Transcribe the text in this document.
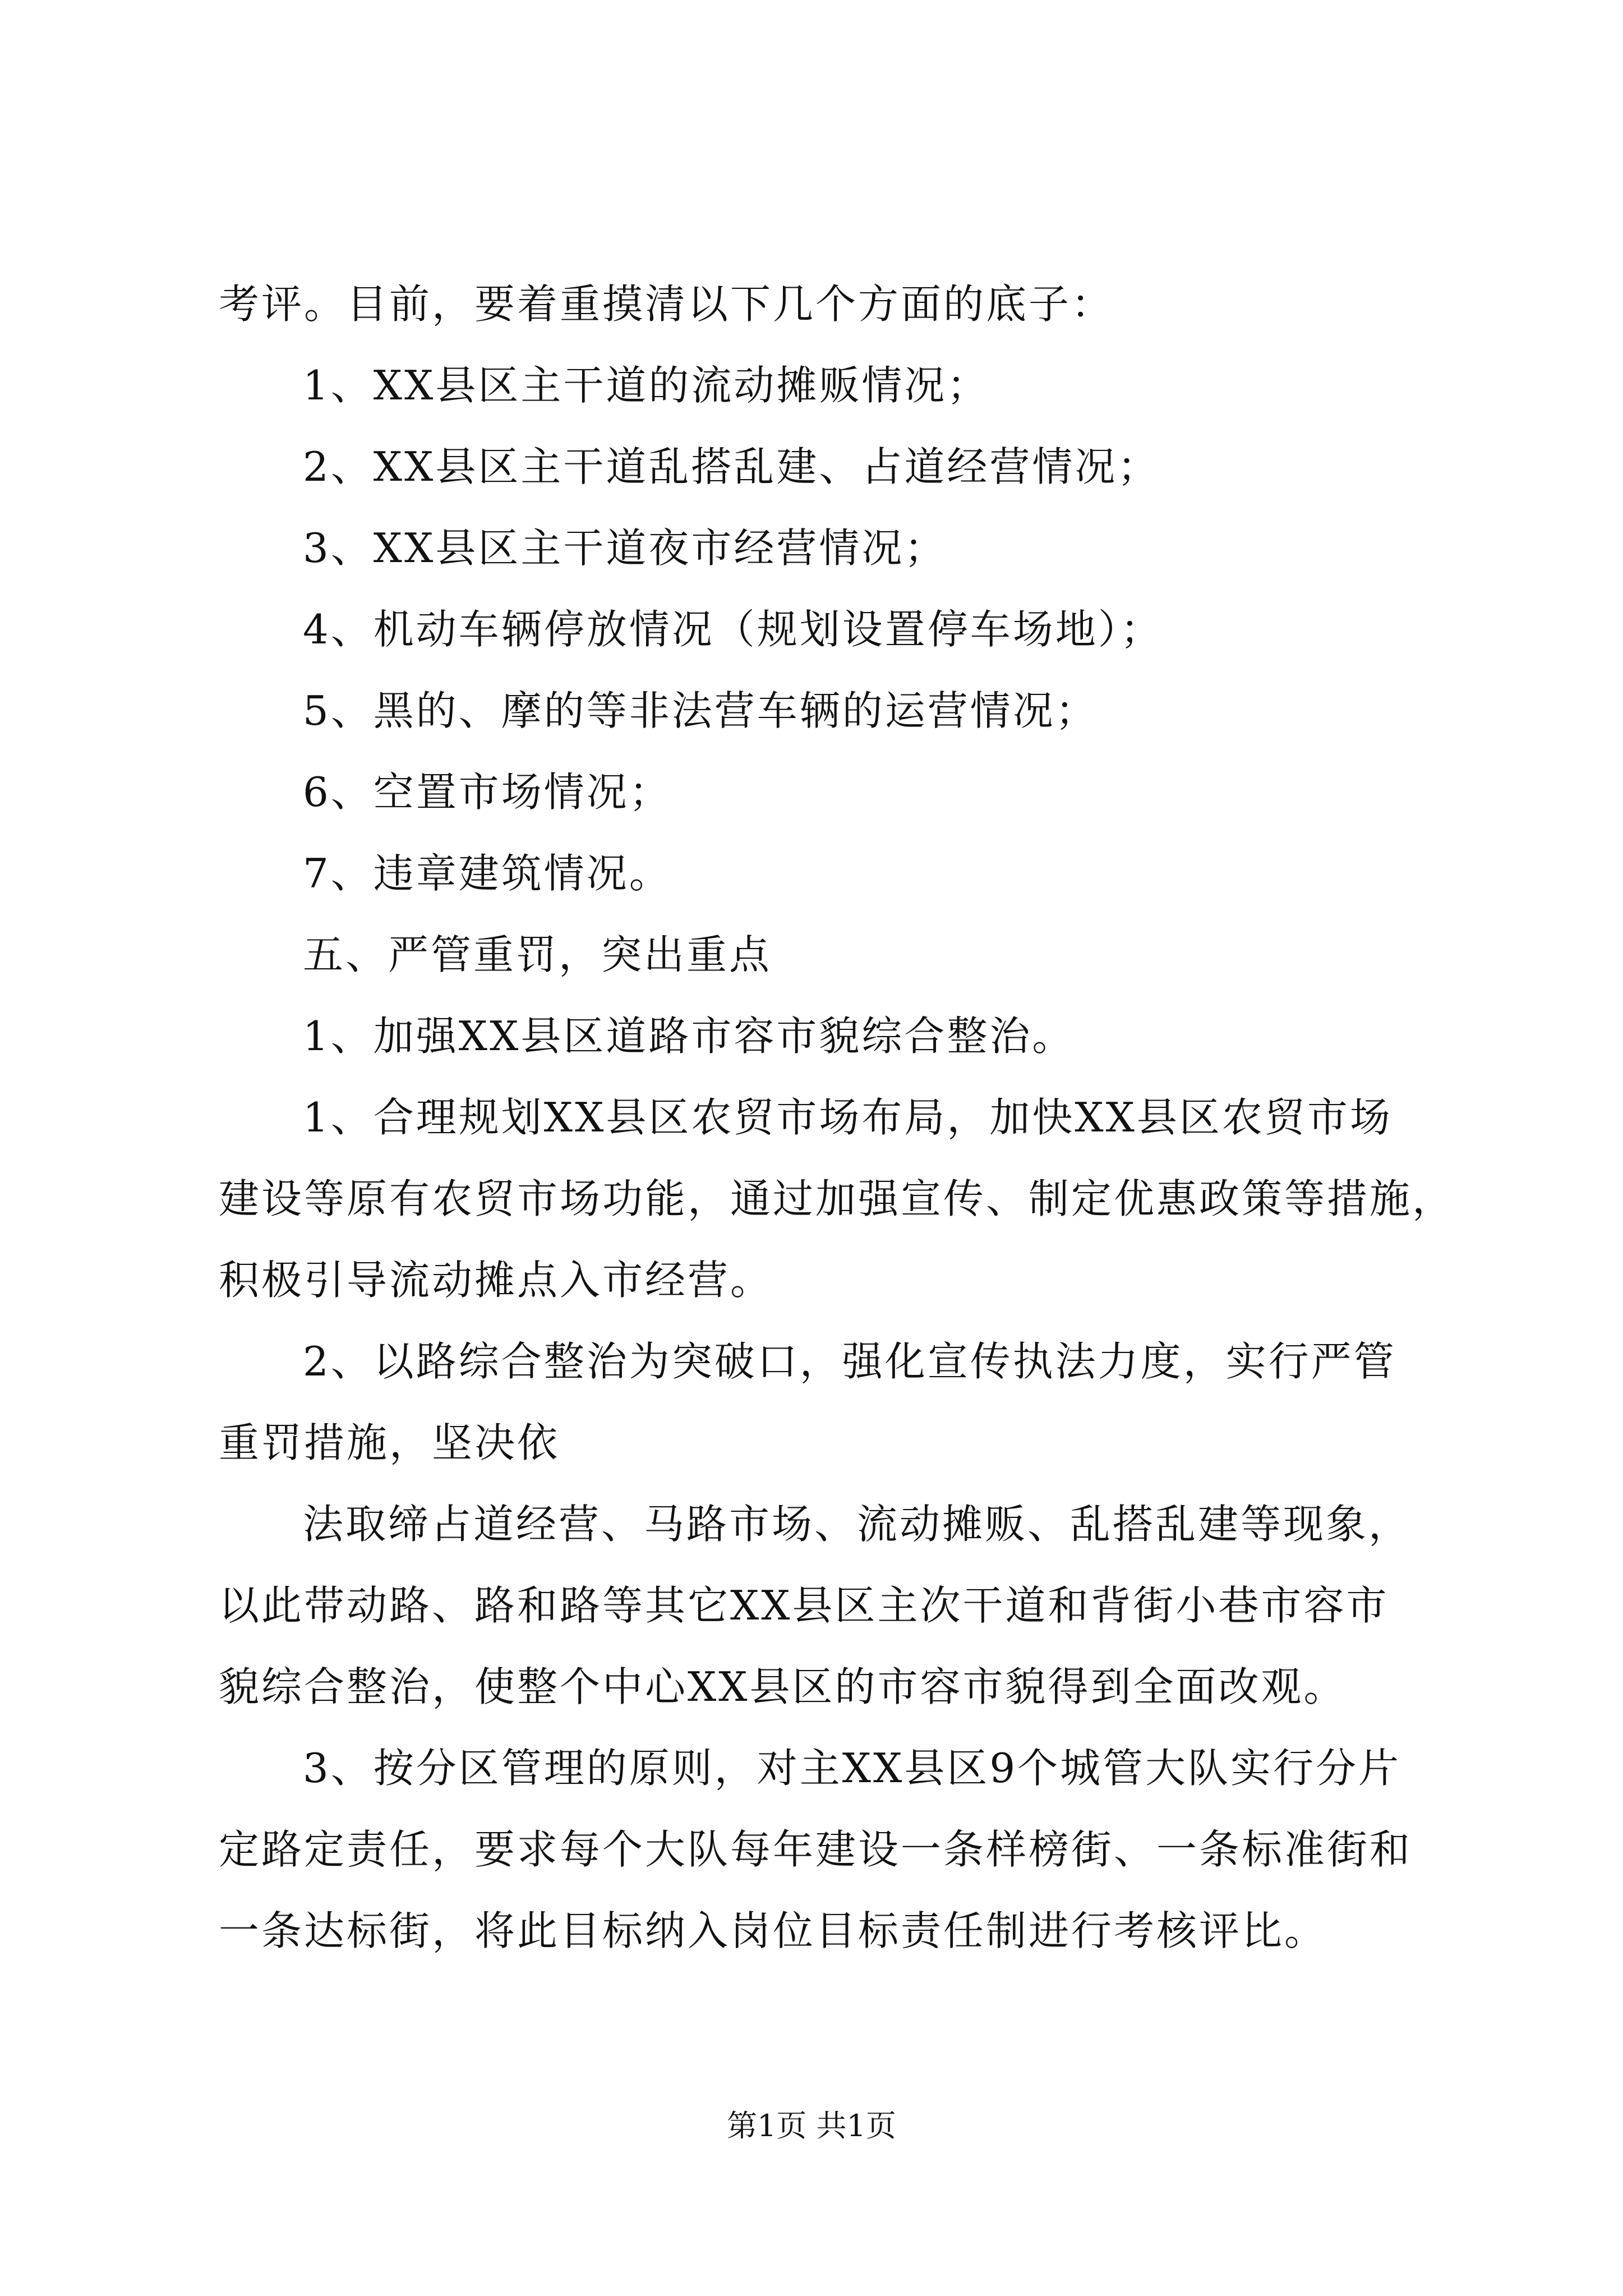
考评。目前，要着重摸清以下几个方面的底子：
1、XX县区主干道的流动摊贩情况；
2、XX县区主干道乱搭乱建、占道经营情况；
3、XX县区主干道夜市经营情况；
4、机动车辆停放情况（规划设置停车场地）；
5、黑的、摩的等非法营车辆的运营情况；
6、空置市场情况；
7、违章建筑情况。
五、严管重罚，突出重点
1、加强XX县区道路市容市貌综合整治。
1、合理规划XX县区农贸市场布局，加快XX县区农贸市场
建设等原有农贸市场功能，通过加强宣传、制定优惠政策等措施，
积极引导流动摊点入市经营。
2、以路综合整治为突破口，强化宣传执法力度，实行严管
重罚措施，坚决依
法取缔占道经营、马路市场、流动摊贩、乱搭乱建等现象，
以此带动路、路和路等其它XX县区主次干道和背街小巷市容市
貌综合整治，使整个中心XX县区的市容市貌得到全面改观。
3、按分区管理的原则，对主XX县区9个城管大队实行分片
定路定责任，要求每个大队每年建设一条样榜街、一条标准街和
一条达标街，将此目标纳入岗位目标责任制进行考核评比。
第1页 共1页
